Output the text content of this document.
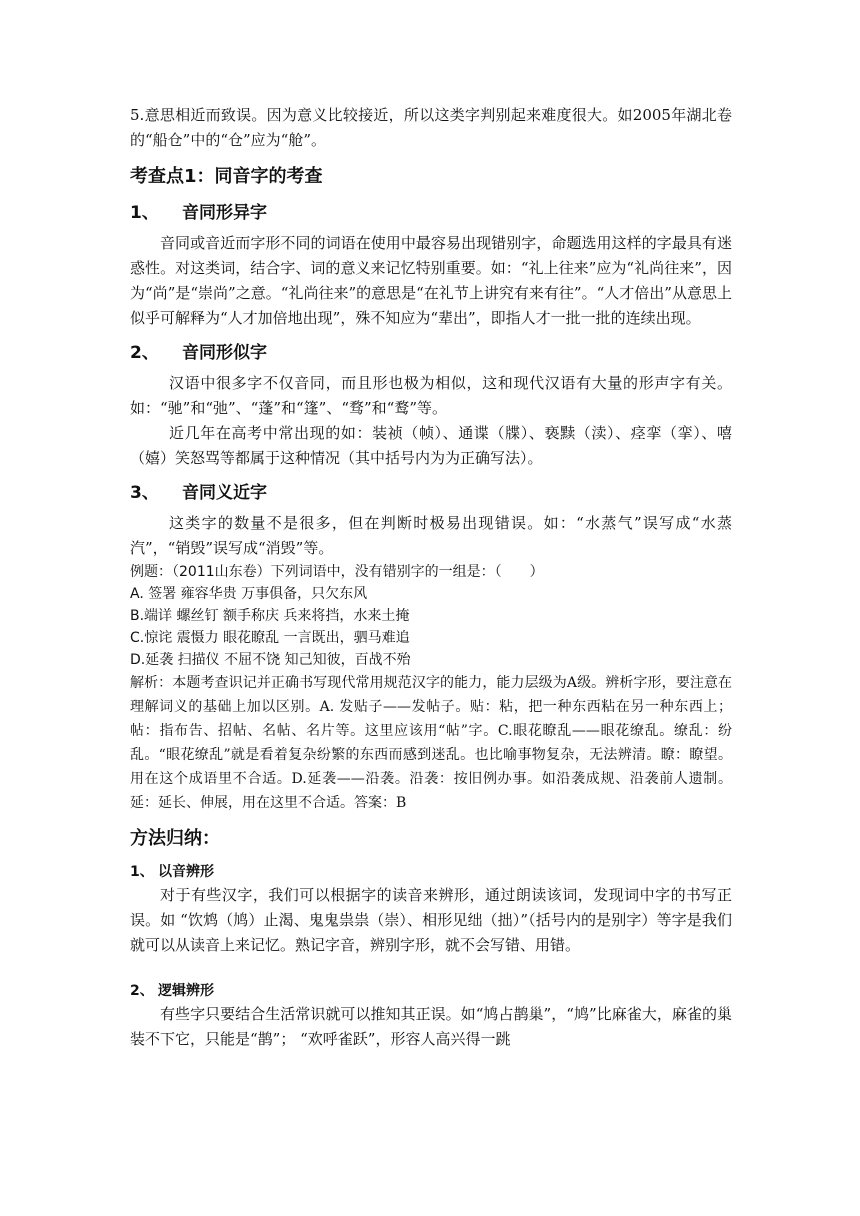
5.意思相近而致误。因为意义比较接近，所以这类字判别起来难度很大。如2005年湖北卷的“船仓”中的“仓”应为“舱”。

考查点1：同音字的考查
1、 音同形异字

音同或音近而字形不同的词语在使用中最容易出现错别字，命题选用这样的字最具有迷惑性。对这类词，结合字、词的意义来记忆特别重要。如：“礼上往来”应为“礼尚往来”，因为“尚”是“崇尚”之意。“礼尚往来”的意思是“在礼节上讲究有来有往”。“人才倍出”从意思上似乎可解释为“人才加倍地出现”，殊不知应为“辈出”，即指人才一批一批的连续出现。

2、 音同形似字

汉语中很多字不仅音同，而且形也极为相似，这和现代汉语有大量的形声字有关。如：“驰”和“弛”、“蓬”和“篷”、“骛”和“鹜”等。

近几年在高考中常出现的如：装祯（帧）、通谍（牒）、亵黩（渎）、痉挛（挛）、嘻（嬉）笑怒骂等都属于这种情况（其中括号内为为正确写法）。

3、 音同义近字

这类字的数量不是很多，但在判断时极易出现错误。如：“水蒸气”误写成“水蒸汽”，“销毁”误写成“消毁”等。

例题：（2011山东卷）下列词语中，没有错别字的一组是：（　　）

A. 签署 雍容华贵 万事俱备，只欠东风

B.端详 螺丝钉 额手称庆 兵来将挡，水来土掩

C.惊诧 震慑力 眼花瞭乱 一言既出，驷马难追

D.延袭 扫描仪 不屈不饶 知己知彼，百战不殆

解析：本题考查识记并正确书写现代常用规范汉字的能力，能力层级为A级。辨析字形，要注意在理解词义的基础上加以区别。A. 发贴子——发帖子。贴：粘，把一种东西粘在另一种东西上；帖：指布告、招帖、名帖、名片等。这里应该用“帖”字。C.眼花瞭乱——眼花缭乱。缭乱：纷乱。“眼花缭乱”就是看着复杂纷繁的东西而感到迷乱。也比喻事物复杂，无法辨清。瞭：瞭望。用在这个成语里不合适。D.延袭——沿袭。沿袭：按旧例办事。如沿袭成规、沿袭前人遗制。延：延长、伸展，用在这里不合适。答案：B

方法归纳：
1、 以音辨形

对于有些汉字，我们可以根据字的读音来辨形，通过朗读该词，发现词中字的书写正误。如 “饮鸩（鸠）止渴、鬼鬼祟祟（崇）、相形见绌（拙）”（括号内的是别字）等字是我们就可以从读音上来记忆。熟记字音，辨别字形，就不会写错、用错。

2、 逻辑辨形

有些字只要结合生活常识就可以推知其正误。如“鸠占鹊巢”，“鸠”比麻雀大，麻雀的巢装不下它，只能是“鹊”； “欢呼雀跃”，形容人高兴得一跳
